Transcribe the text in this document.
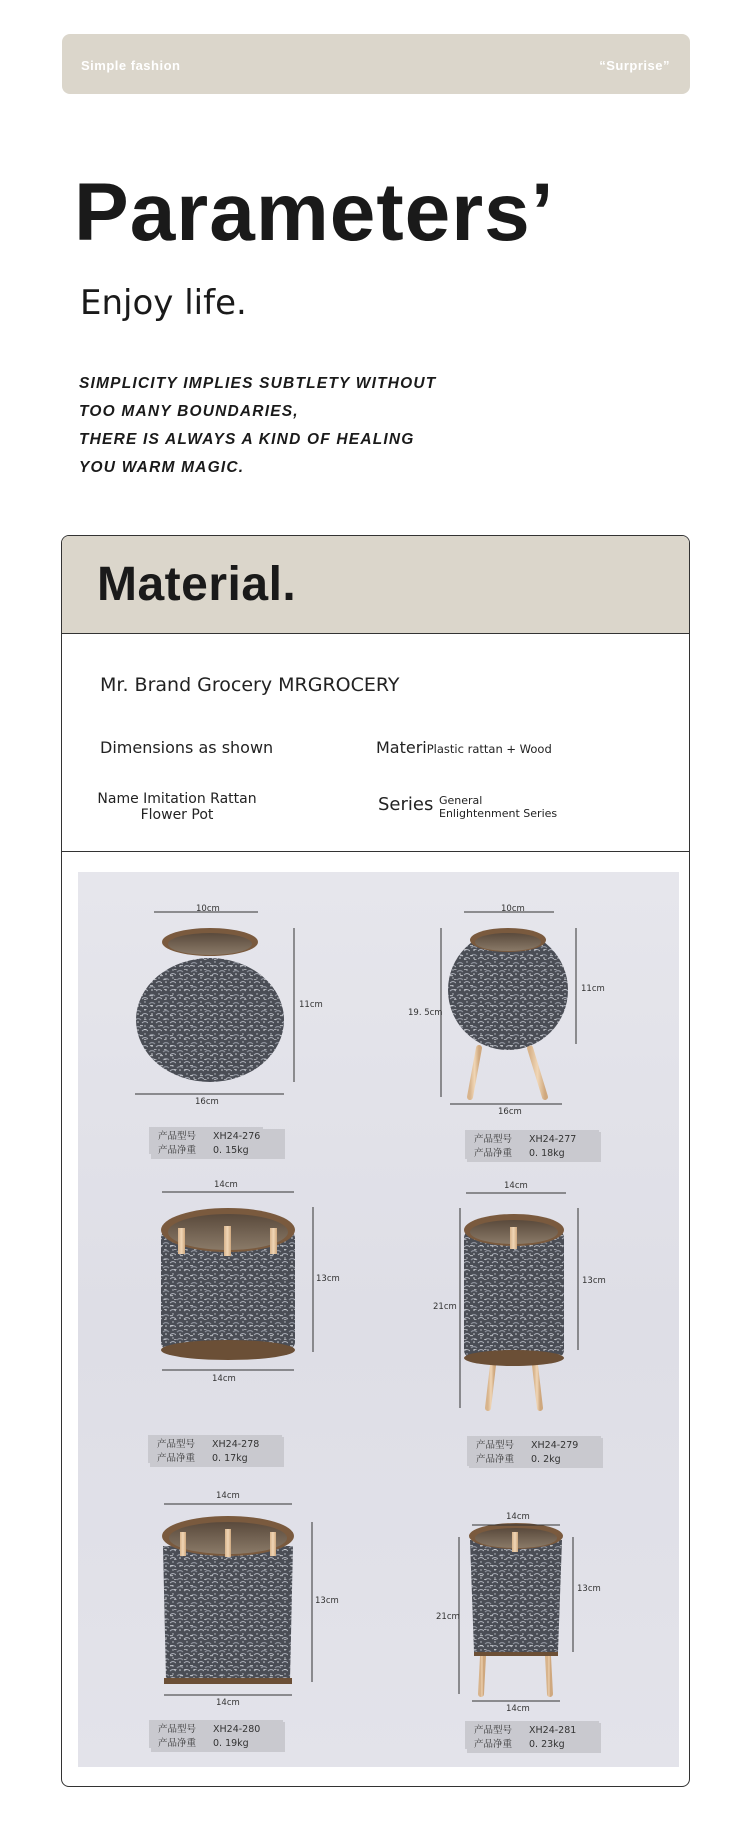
Simple fashion	“Surprise”
Parameters’
Enjoy life.
SIMPLICITY IMPLIES SUBTLETY WITHOUT
TOO MANY BOUNDARIES,
THERE IS ALWAYS A KIND OF HEALING
YOU WARM MAGIC.
Material.
Mr. Brand Grocery MRGROCERY
Dimensions as shown	MateriPlastic rattan + Wood
Name Imitation Rattan
Flower Pot	Series General
Enlightenment Series
10cm
11cm
16cm
产品型号 XH24-276
产品净重 0. 15kg
10cm
11cm
19. 5cm
16cm
产品型号 XH24-277
产品净重 0. 18kg
14cm
13cm
14cm
产品型号 XH24-278
产品净重 0. 17kg
14cm
13cm
21cm
产品型号 XH24-279
产品净重 0. 2kg
14cm
13cm
14cm
产品型号 XH24-280
产品净重 0. 19kg
14cm
13cm
21cm
14cm
产品型号 XH24-281
产品净重 0. 23kg
